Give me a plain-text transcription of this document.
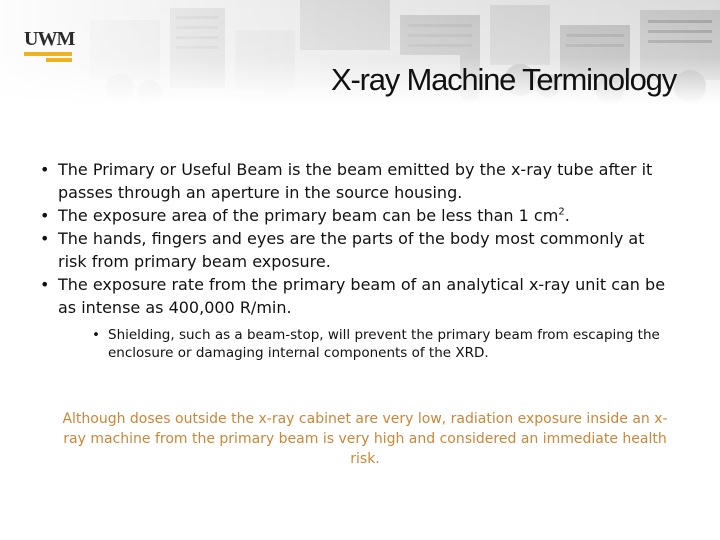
UWM
X-ray Machine Terminology
• The Primary or Useful Beam is the beam emitted by the x-ray tube after it passes through an aperture in the source housing.
• The exposure area of the primary beam can be less than 1 $cm^2$.
• The hands, fingers and eyes are the parts of the body most commonly at risk from primary beam exposure.
• The exposure rate from the primary beam of an analytical x-ray unit can be as intense as 400,000 R/min.
• Shielding, such as a beam-stop, will prevent the primary beam from escaping the enclosure or damaging internal components of the XRD.
Although doses outside the x-ray cabinet are very low, radiation exposure inside an x-ray machine from the primary beam is very high and considered an immediate health risk.
